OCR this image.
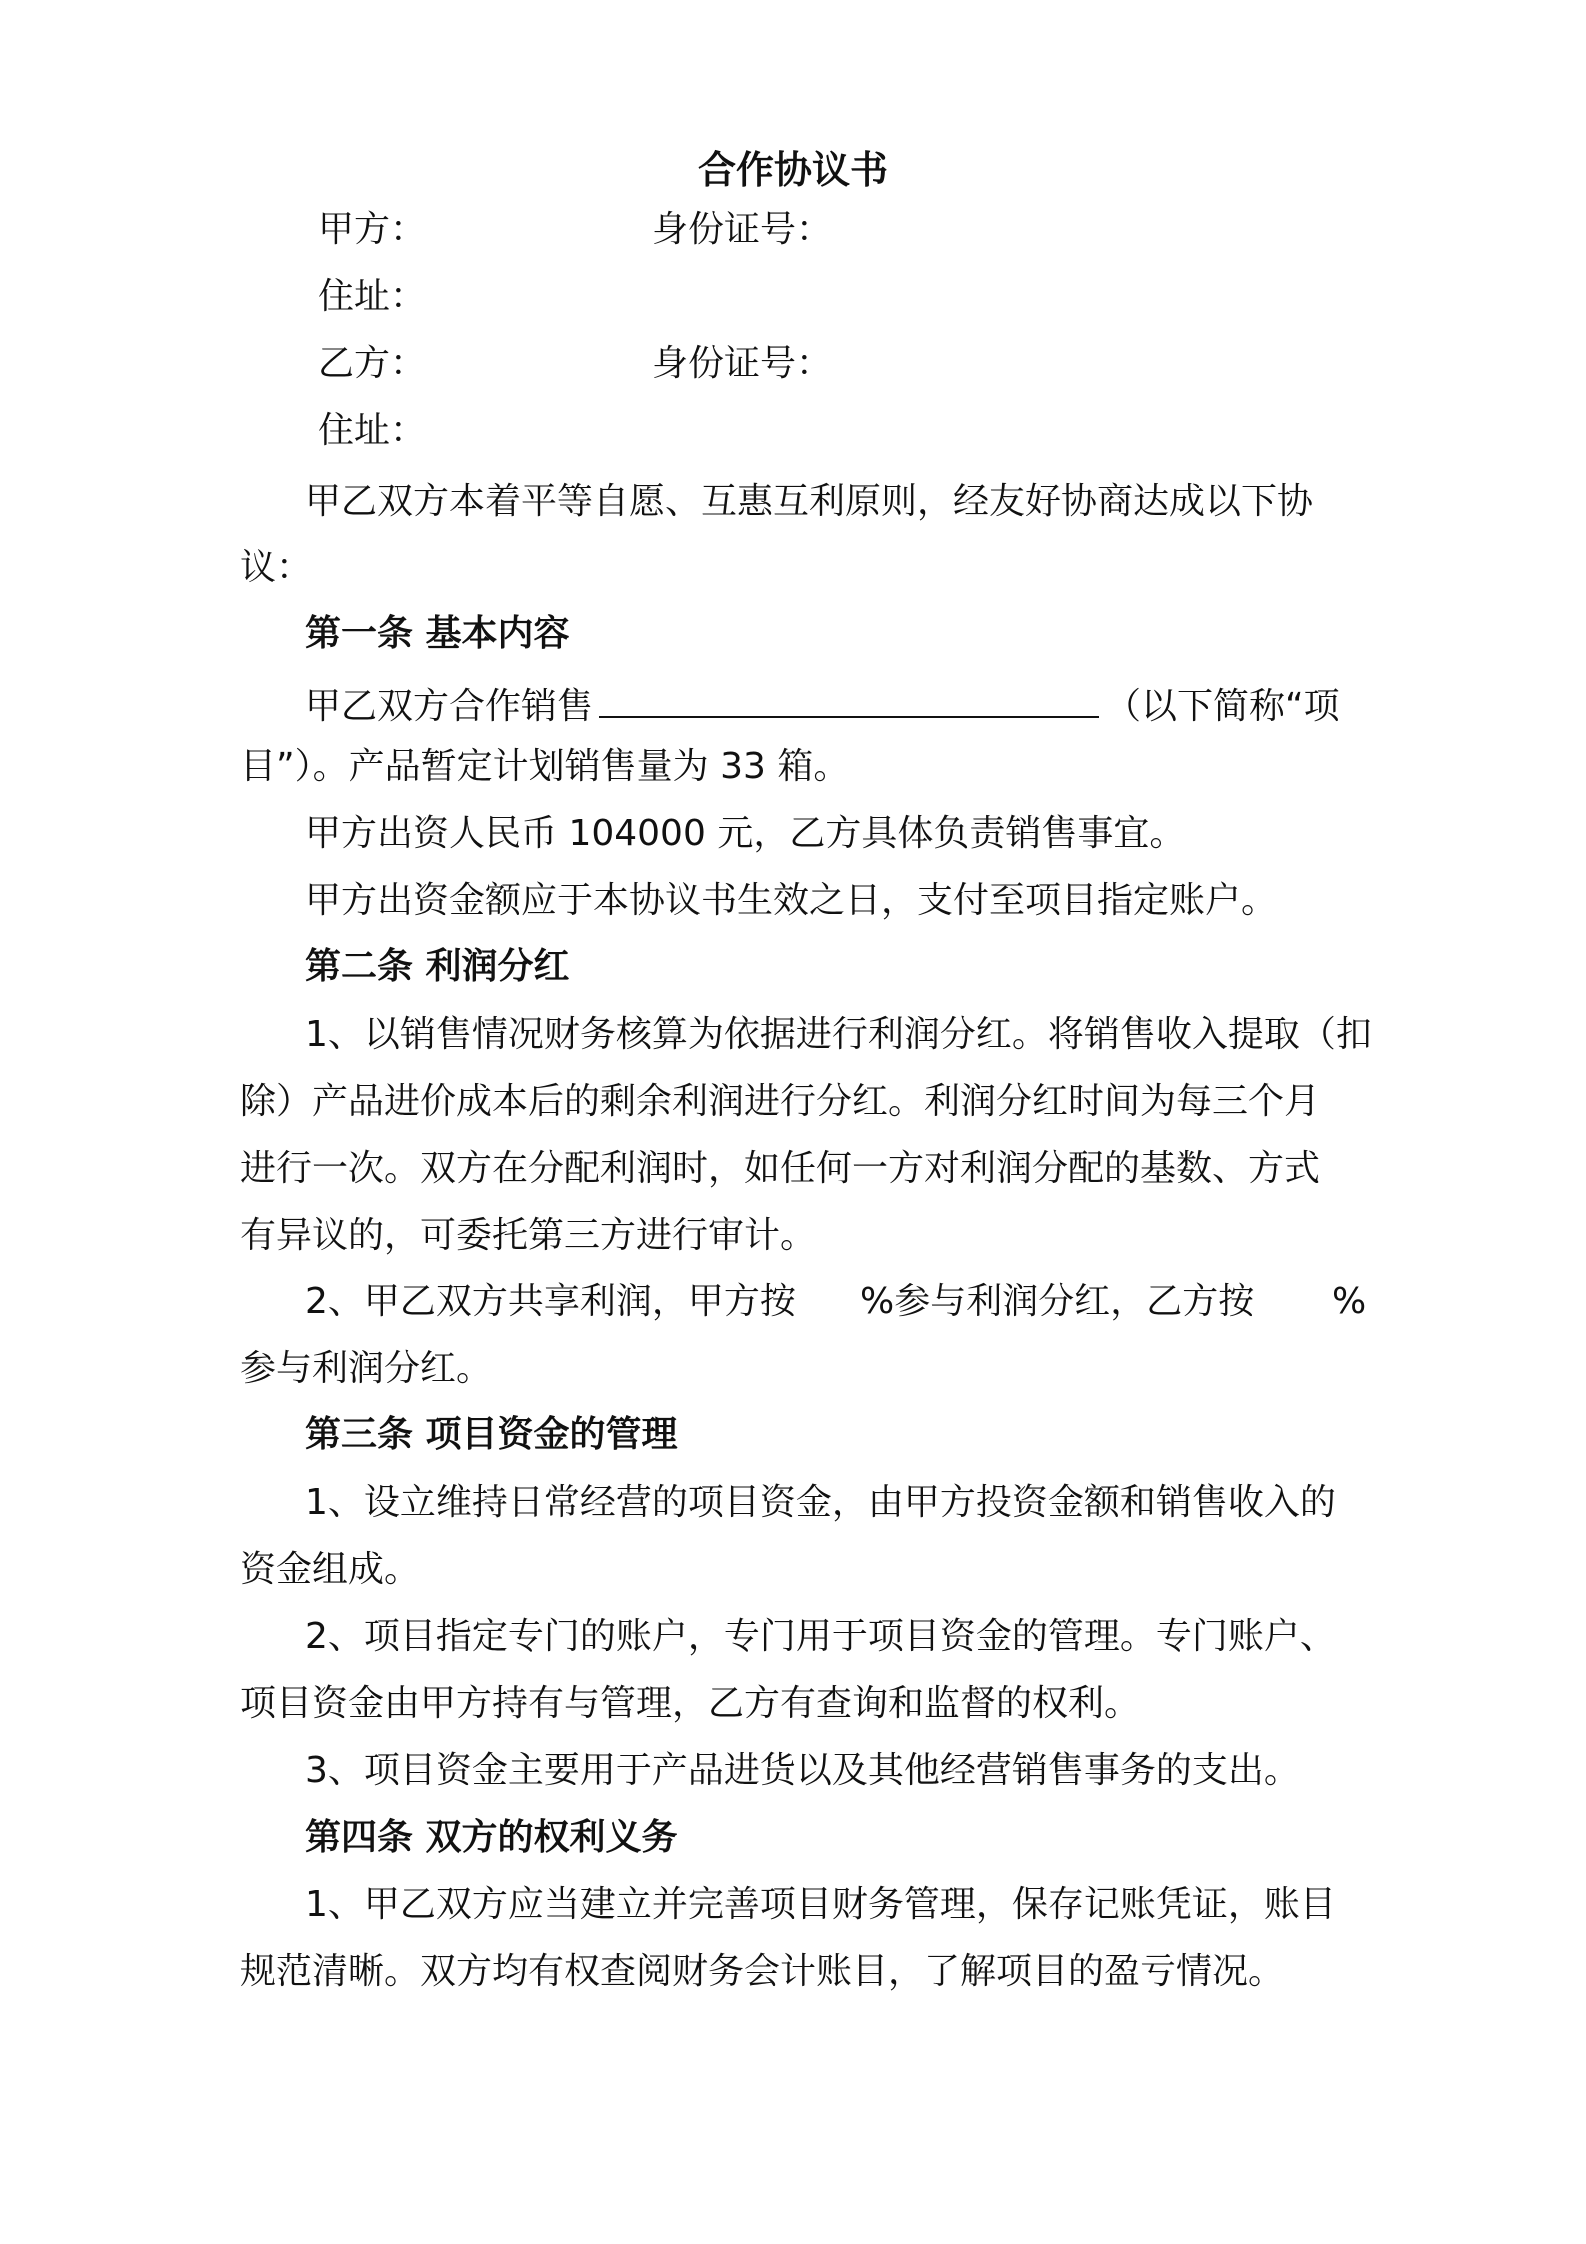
合作协议书
甲方：	身份证号：
住址：
乙方：	身份证号：
住址：
甲乙双方本着平等自愿、互惠互利原则，经友好协商达成以下协
议：
第一条 基本内容
甲乙双方合作销售	（以下简称“项
目”）。产品暂定计划销售量为 33 箱。
甲方出资人民币 104000 元，乙方具体负责销售事宜。
甲方出资金额应于本协议书生效之日，支付至项目指定账户。
第二条 利润分红
1、以销售情况财务核算为依据进行利润分红。将销售收入提取（扣
除）产品进价成本后的剩余利润进行分红。利润分红时间为每三个月
进行一次。双方在分配利润时，如任何一方对利润分配的基数、方式
有异议的，可委托第三方进行审计。
2、甲乙双方共享利润，甲方按 %参与利润分红，乙方按 %
参与利润分红。
第三条 项目资金的管理
1、设立维持日常经营的项目资金，由甲方投资金额和销售收入的
资金组成。
2、项目指定专门的账户，专门用于项目资金的管理。专门账户、
项目资金由甲方持有与管理，乙方有查询和监督的权利。
3、项目资金主要用于产品进货以及其他经营销售事务的支出。
第四条 双方的权利义务
1、甲乙双方应当建立并完善项目财务管理，保存记账凭证，账目
规范清晰。双方均有权查阅财务会计账目，了解项目的盈亏情况。
